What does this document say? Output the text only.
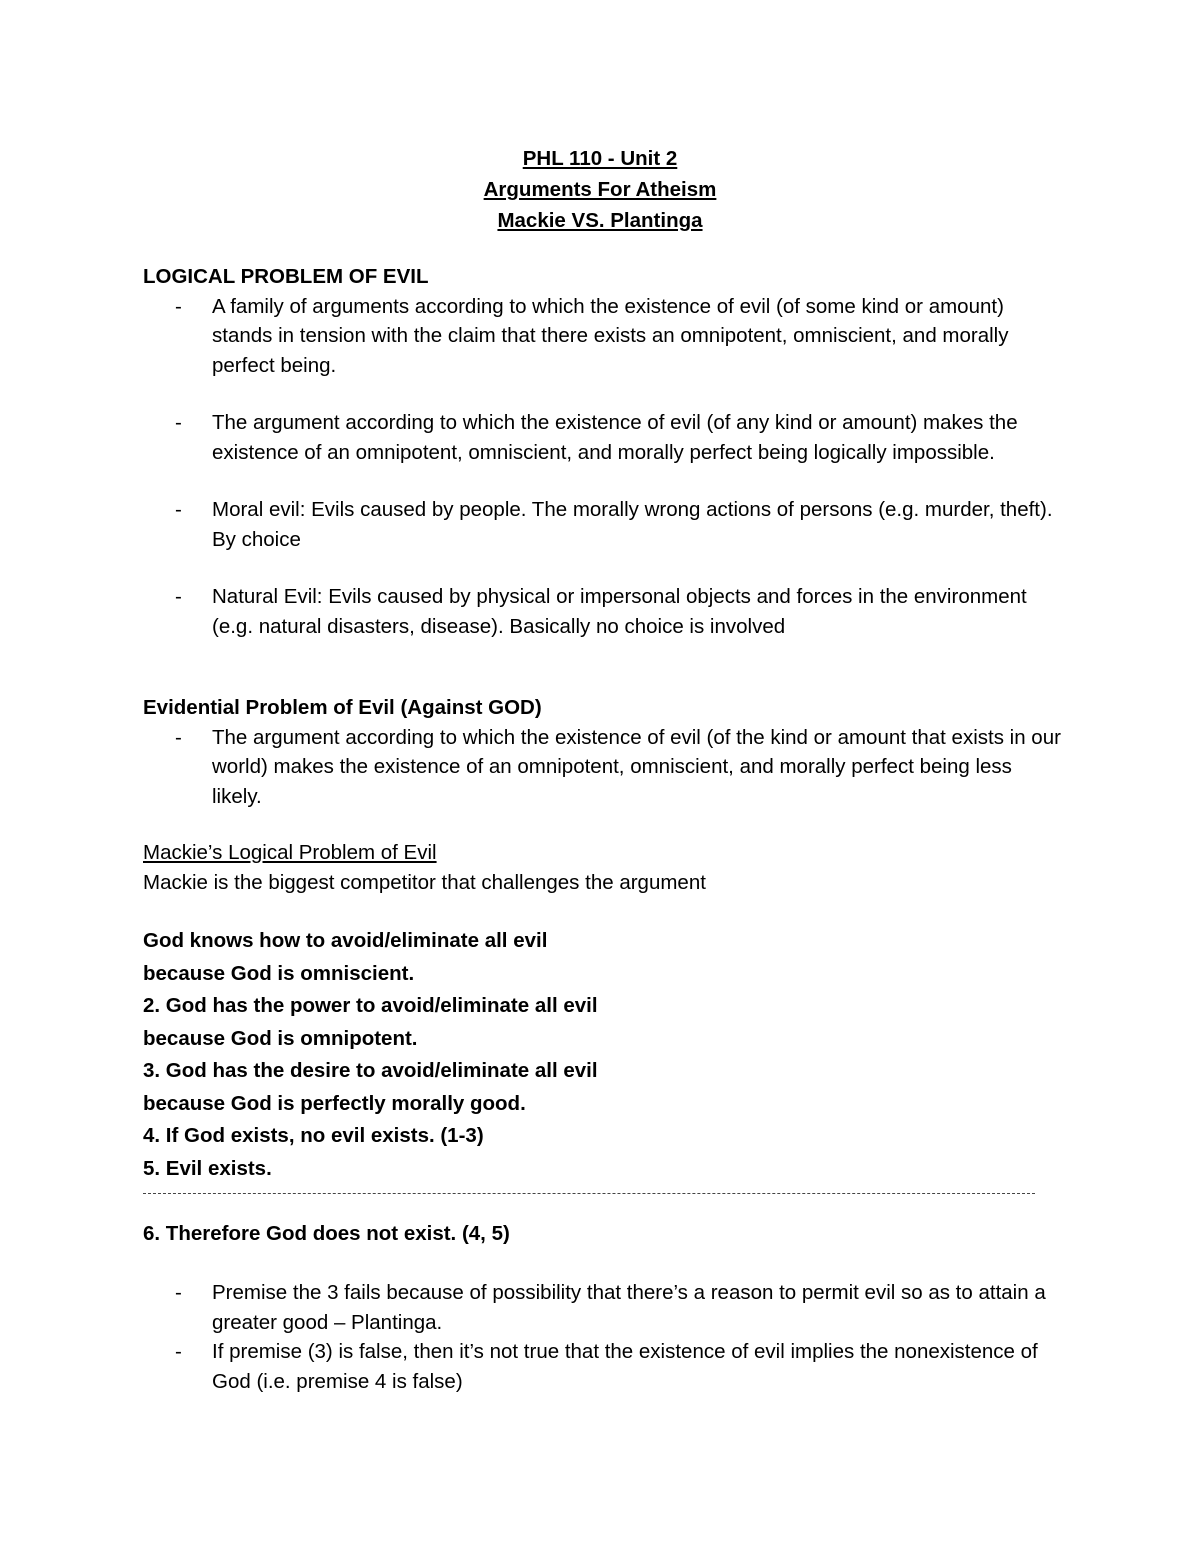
PHL 110 - Unit 2
Arguments For Atheism
Mackie VS. Plantinga
LOGICAL PROBLEM OF EVIL
- A family of arguments according to which the existence of evil (of some kind or amount) stands in tension with the claim that there exists an omnipotent, omniscient, and morally perfect being.
- The argument according to which the existence of evil (of any kind or amount) makes the existence of an omnipotent, omniscient, and morally perfect being logically impossible.
- Moral evil: Evils caused by people. The morally wrong actions of persons (e.g. murder, theft). By choice
- Natural Evil: Evils caused by physical or impersonal objects and forces in the environment (e.g. natural disasters, disease). Basically no choice is involved
Evidential Problem of Evil (Against GOD)
- The argument according to which the existence of evil (of the kind or amount that exists in our world) makes the existence of an omnipotent, omniscient, and morally perfect being less likely.
Mackie’s Logical Problem of Evil
Mackie is the biggest competitor that challenges the argument
God knows how to avoid/eliminate all evil
because God is omniscient.
2. God has the power to avoid/eliminate all evil
because God is omnipotent.
3. God has the desire to avoid/eliminate all evil
because God is perfectly morally good.
4. If God exists, no evil exists. (1-3)
5. Evil exists.
6. Therefore God does not exist. (4, 5)
- Premise the 3 fails because of possibility that there’s a reason to permit evil so as to attain a greater good – Plantinga.
- If premise (3) is false, then it’s not true that the existence of evil implies the nonexistence of God (i.e. premise 4 is false)
